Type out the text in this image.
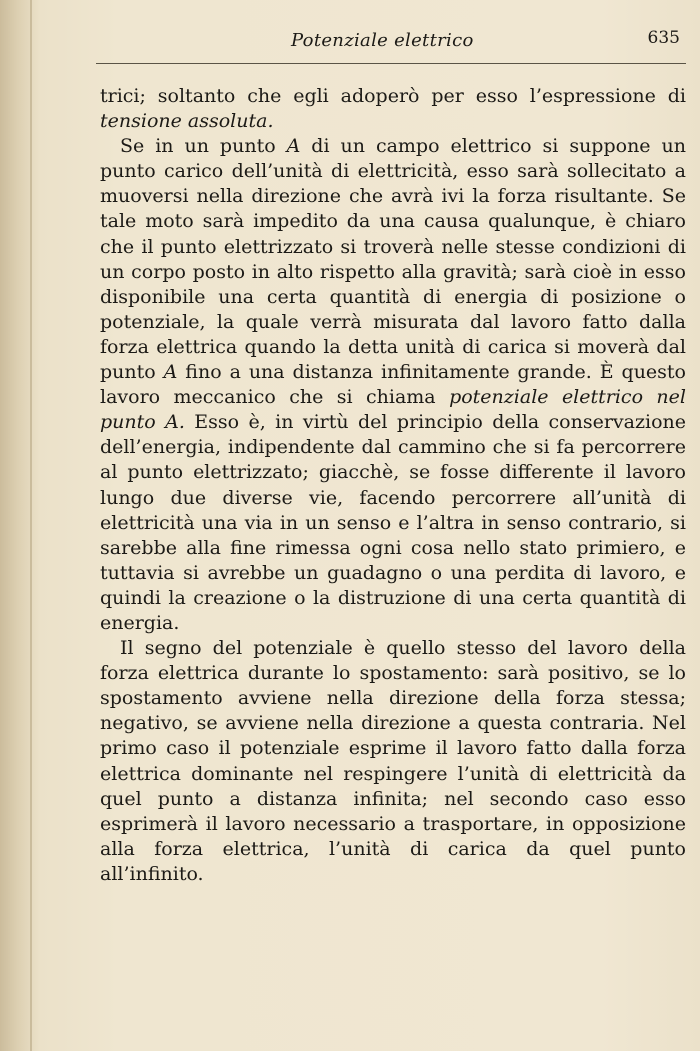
Potenziale elettrico	635

trici; soltanto che egli adoperò per esso l’espressione di tensione assoluta.

Se in un punto A di un campo elettrico si suppone un punto carico dell’unità di elettricità, esso sarà sollecitato a muoversi nella direzione che avrà ivi la forza risultante. Se tale moto sarà impedito da una causa qualunque, è chiaro che il punto elettrizzato si troverà nelle stesse condizioni di un corpo posto in alto rispetto alla gravità; sarà cioè in esso disponibile una certa quantità di energia di posizione o potenziale, la quale verrà misurata dal lavoro fatto dalla forza elettrica quando la detta unità di carica si moverà dal punto A fino a una distanza infinitamente grande. È questo lavoro meccanico che si chiama potenziale elettrico nel punto A. Esso è, in virtù del principio della conservazione dell’energia, indipendente dal cammino che si fa percorrere al punto elettrizzato; giacchè, se fosse differente il lavoro lungo due diverse vie, facendo percorrere all’unità di elettricità una via in un senso e l’altra in senso contrario, si sarebbe alla fine rimessa ogni cosa nello stato primiero, e tuttavia si avrebbe un guadagno o una perdita di lavoro, e quindi la creazione o la distruzione di una certa quantità di energia.

Il segno del potenziale è quello stesso del lavoro della forza elettrica durante lo spostamento: sarà positivo, se lo spostamento avviene nella direzione della forza stessa; negativo, se avviene nella direzione a questa contraria. Nel primo caso il potenziale esprime il lavoro fatto dalla forza elettrica dominante nel respingere l’unità di elettricità da quel punto a distanza infinita; nel secondo caso esso esprimerà il lavoro necessario a trasportare, in opposizione alla forza elettrica, l’unità di carica da quel punto all’infinito.
